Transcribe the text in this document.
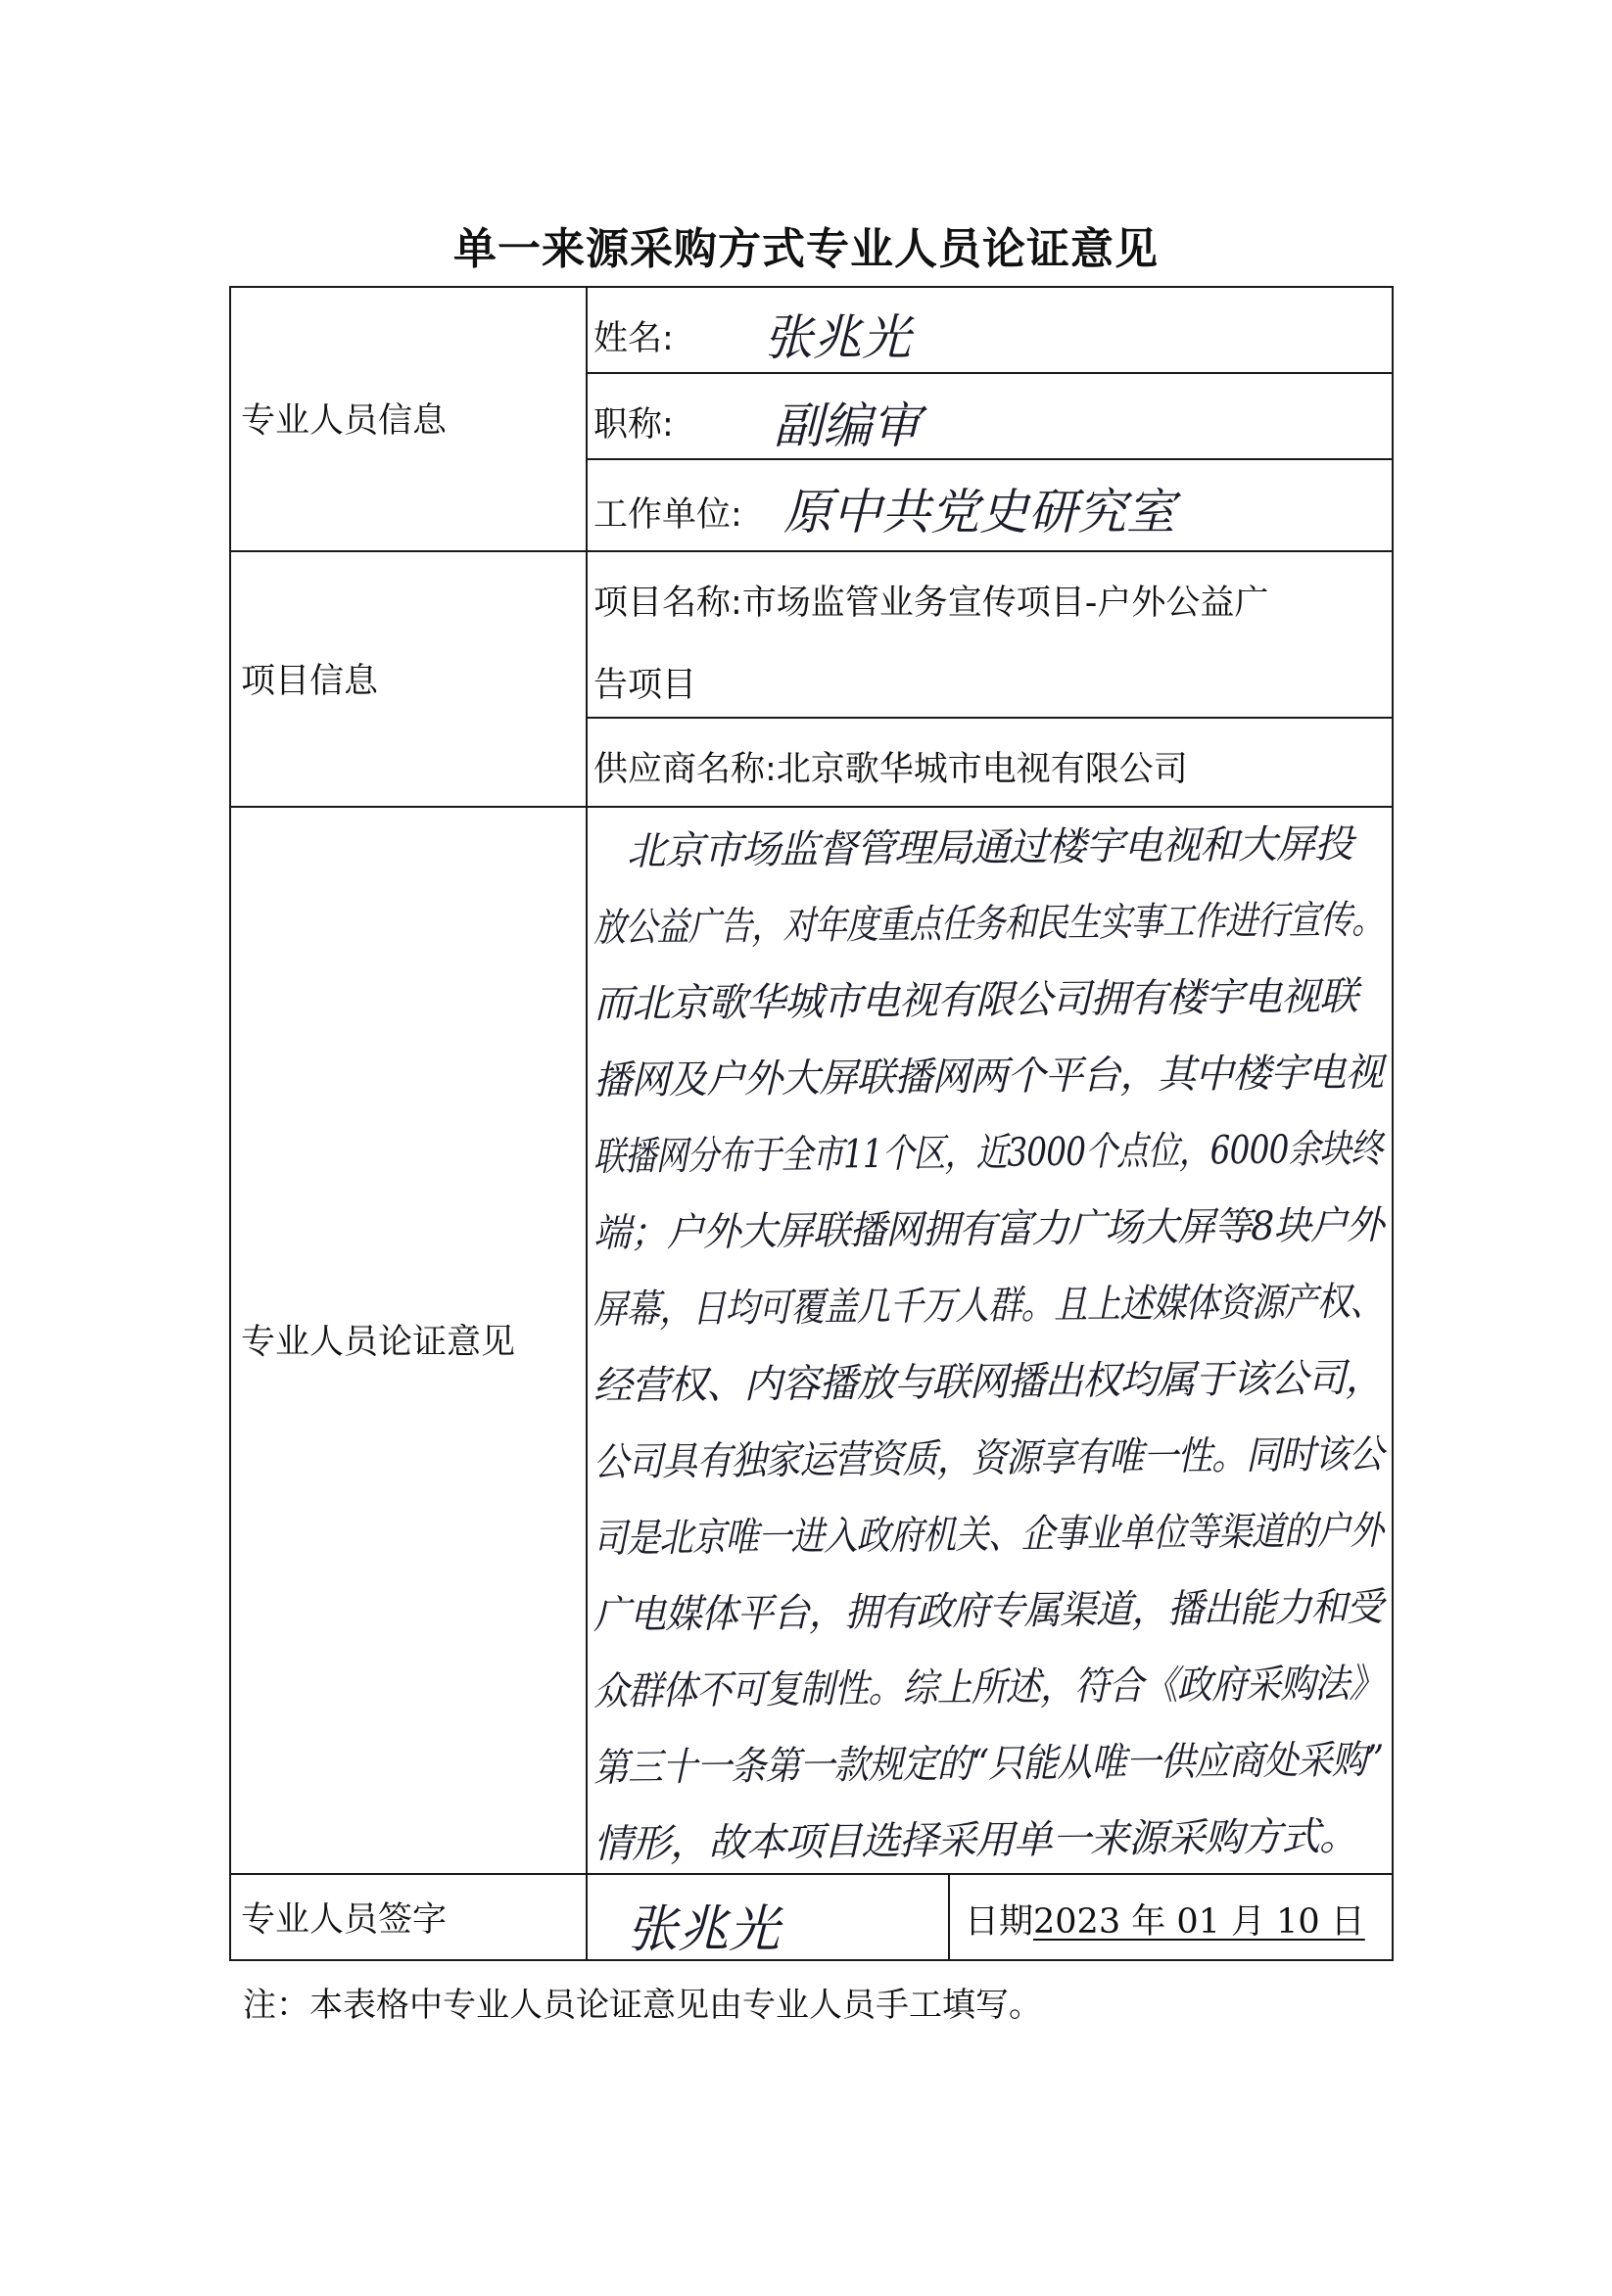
单一来源采购方式专业人员论证意见
专业人员信息
项目信息
专业人员论证意见
专业人员签字
姓名: 张兆光
职称: 副编审
工作单位: 原中共党史研究室
项目名称:市场监管业务宣传项目-户外公益广
告项目
供应商名称:北京歌华城市电视有限公司
北京市场监督管理局通过楼宇电视和大屏投
放公益广告，对年度重点任务和民生实事工作进行宣传。
而北京歌华城市电视有限公司拥有楼宇电视联
播网及户外大屏联播网两个平台，其中楼宇电视
联播网分布于全市11个区，近3000个点位，6000余块终
端；户外大屏联播网拥有富力广场大屏等8块户外
屏幕，日均可覆盖几千万人群。且上述媒体资源产权、
经营权、内容播放与联网播出权均属于该公司，
公司具有独家运营资质，资源享有唯一性。同时该公
司是北京唯一进入政府机关、企事业单位等渠道的户外
广电媒体平台，拥有政府专属渠道，播出能力和受
众群体不可复制性。综上所述，符合《政府采购法》
第三十一条第一款规定的“只能从唯一供应商处采购”
情形，故本项目选择采用单一来源采购方式。
张兆光	日期2023 年 01 月 10 日
注：本表格中专业人员论证意见由专业人员手工填写。
